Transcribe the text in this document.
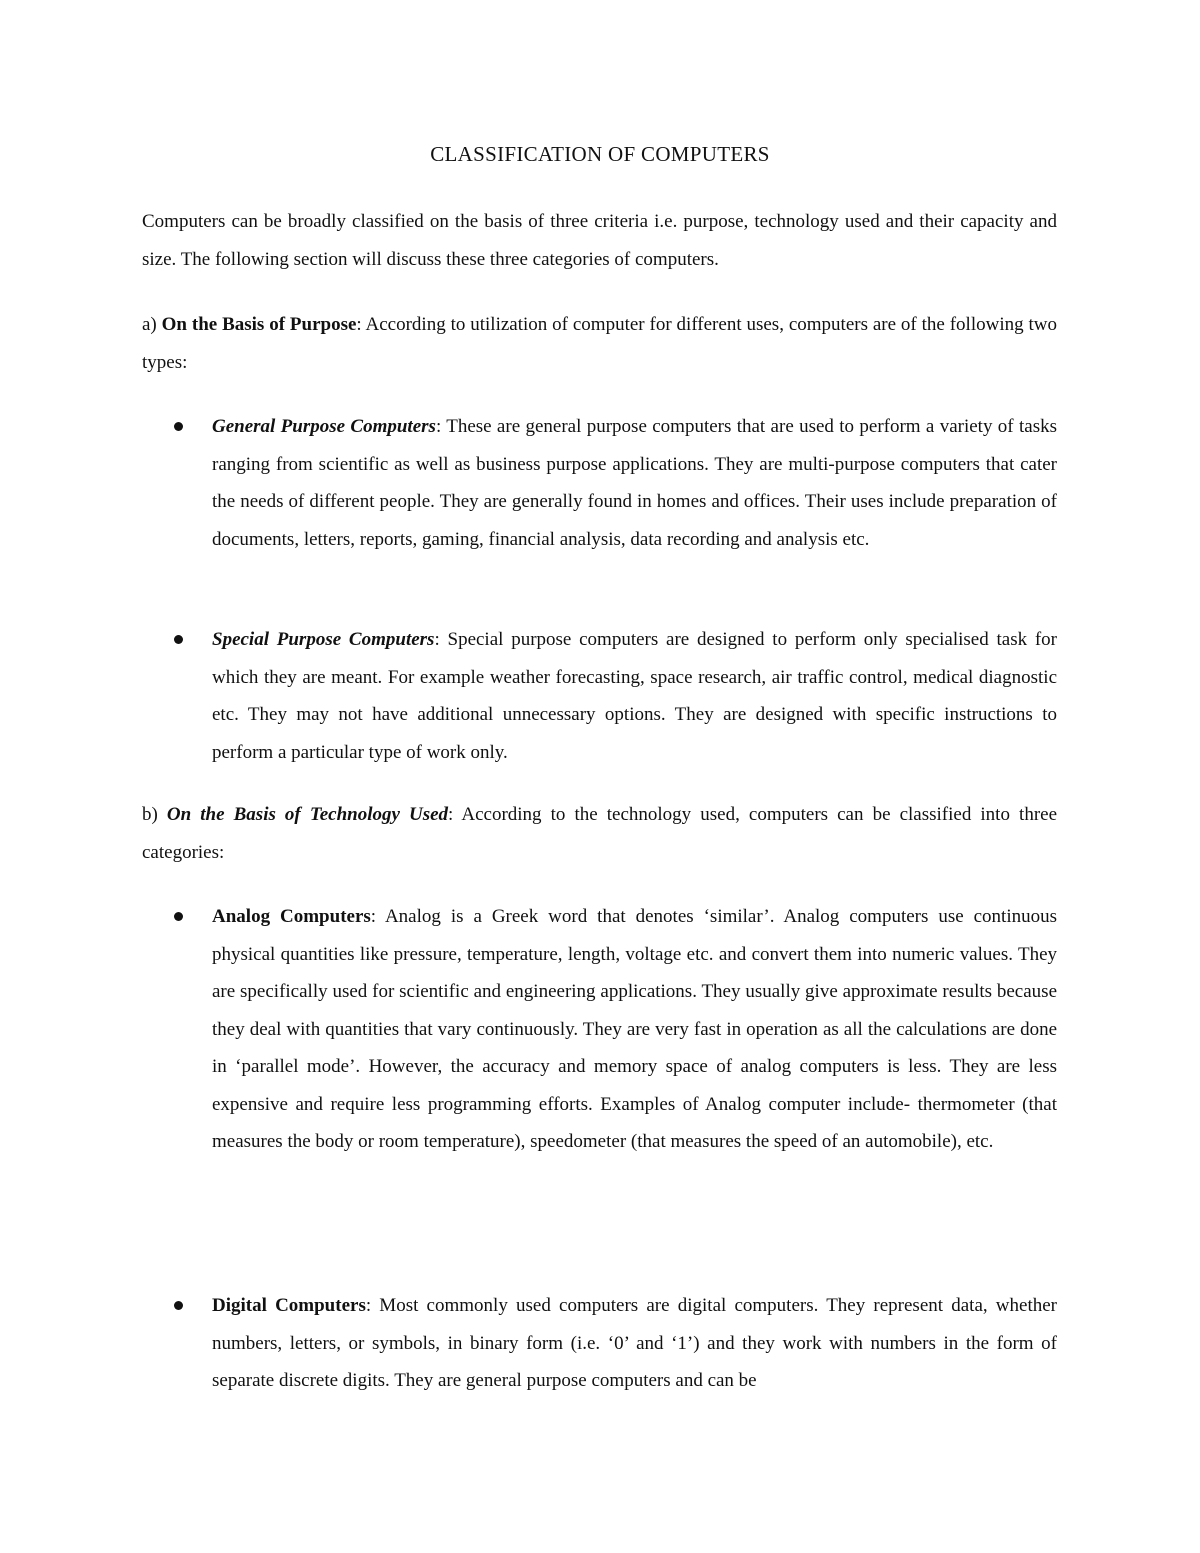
CLASSIFICATION OF COMPUTERS

Computers can be broadly classified on the basis of three criteria i.e. purpose, technology used and their capacity and size. The following section will discuss these three categories of computers.

a) On the Basis of Purpose: According to utilization of computer for different uses, computers are of the following two types:

General Purpose Computers: These are general purpose computers that are used to perform a variety of tasks ranging from scientific as well as business purpose applications. They are multi-purpose computers that cater the needs of different people. They are generally found in homes and offices. Their uses include preparation of documents, letters, reports, gaming, financial analysis, data recording and analysis etc.

Special Purpose Computers: Special purpose computers are designed to perform only specialised task for which they are meant. For example weather forecasting, space research, air traffic control, medical diagnostic etc. They may not have additional unnecessary options. They are designed with specific instructions to perform a particular type of work only.

b) On the Basis of Technology Used: According to the technology used, computers can be classified into three categories:

Analog Computers: Analog is a Greek word that denotes ‘similar’. Analog computers use continuous physical quantities like pressure, temperature, length, voltage etc. and convert them into numeric values. They are specifically used for scientific and engineering applications. They usually give approximate results because they deal with quantities that vary continuously. They are very fast in operation as all the calculations are done in ‘parallel mode’. However, the accuracy and memory space of analog computers is less. They are less expensive and require less programming efforts. Examples of Analog computer include- thermometer (that measures the body or room temperature), speedometer (that measures the speed of an automobile), etc.

Digital Computers: Most commonly used computers are digital computers. They represent data, whether numbers, letters, or symbols, in binary form (i.e. ‘0’ and ‘1’) and they work with numbers in the form of separate discrete digits. They are general purpose computers and can be
